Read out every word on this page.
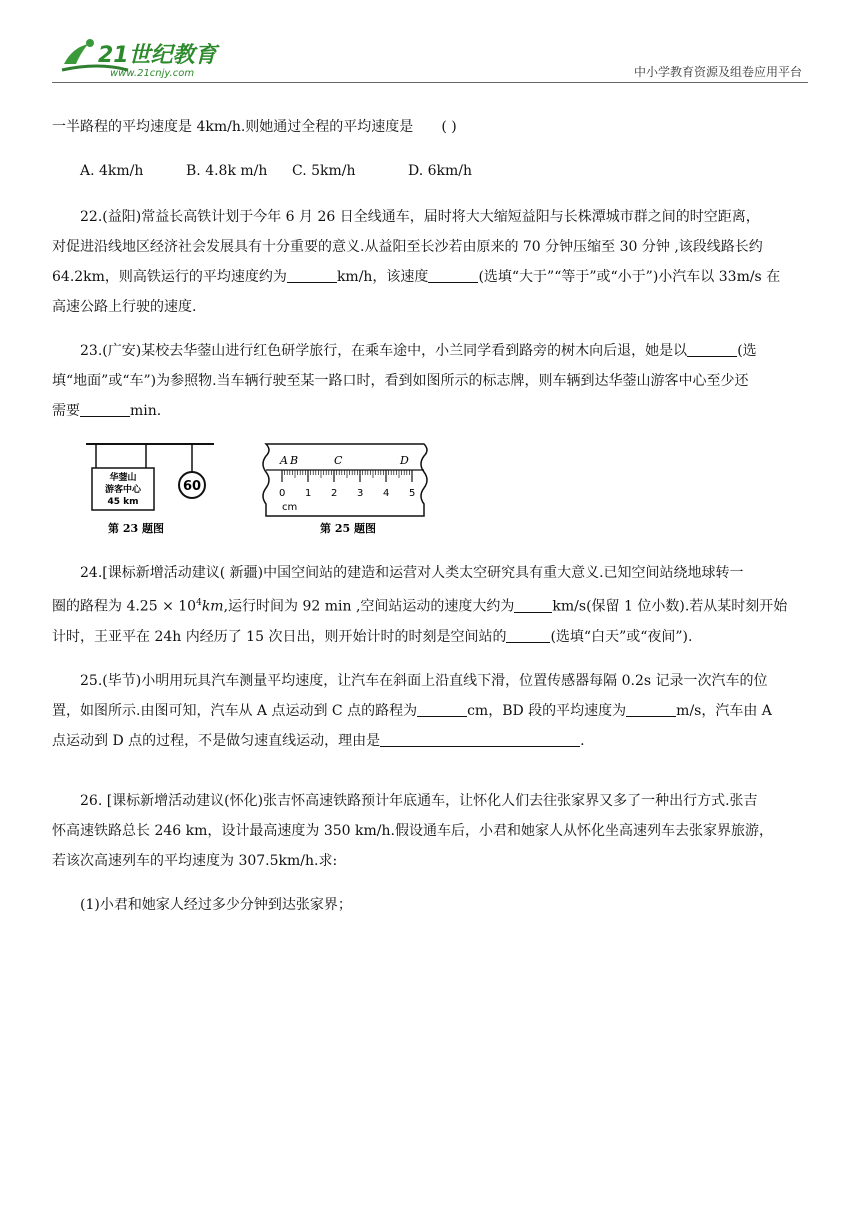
21世纪教育
www.21cnjy.com	中小学教育资源及组卷应用平台
一半路程的平均速度是 4km/h.则她通过全程的平均速度是 ( )
A. 4km/h	B. 4.8k m/h	C. 5km/h	D. 6km/h
22.(益阳)常益长高铁计划于今年 6 月 26 日全线通车，届时将大大缩短益阳与长株潭城市群之间的时空距离，
对促进沿线地区经济社会发展具有十分重要的意义.从益阳至长沙若由原来的 70 分钟压缩至 30 分钟 ,该段线路长约
64.2km，则高铁运行的平均速度约为	km/h，该速度	(选填“大于”“等于”或“小于”)小汽车以 33m/s 在
高速公路上行驶的速度.
23.(广安)某校去华蓥山进行红色研学旅行，在乘车途中，小兰同学看到路旁的树木向后退，她是以	(选
填“地面”或“车”)为参照物.当车辆行驶至某一路口时，看到如图所示的标志牌，则车辆到达华蓥山游客中心至少还
需要	min.
华蓥山
游客中心
45 km
60
第 23 题图
A B	C	D
0 1 2 3 4 5
cm
第 25 题图
24.[课标新增活动建议( 新疆)中国空间站的建造和运营对人类太空研究具有重大意义.已知空间站绕地球转一
圈的路程为 $4.25 \times 10^4km$,运行时间为 92 min ,空间站运动的速度大约为	km/s(保留 1 位小数).若从某时刻开始
计时，王亚平在 24h 内经历了 15 次日出，则开始计时的时刻是空间站的	(选填“白天”或“夜间”).
25.(毕节)小明用玩具汽车测量平均速度，让汽车在斜面上沿直线下滑，位置传感器每隔 0.2s 记录一次汽车的位
置，如图所示.由图可知，汽车从 A 点运动到 C 点的路程为	cm，BD 段的平均速度为	m/s，汽车由 A
点运动到 D 点的过程，不是做匀速直线运动，理由是	.
26. [课标新增活动建议(怀化)张吉怀高速铁路预计年底通车，让怀化人们去往张家界又多了一种出行方式.张吉
怀高速铁路总长 246 km，设计最高速度为 350 km/h.假设通车后，小君和她家人从怀化坐高速列车去张家界旅游，
若该次高速列车的平均速度为 307.5km/h.求:
(1)小君和她家人经过多少分钟到达张家界；
